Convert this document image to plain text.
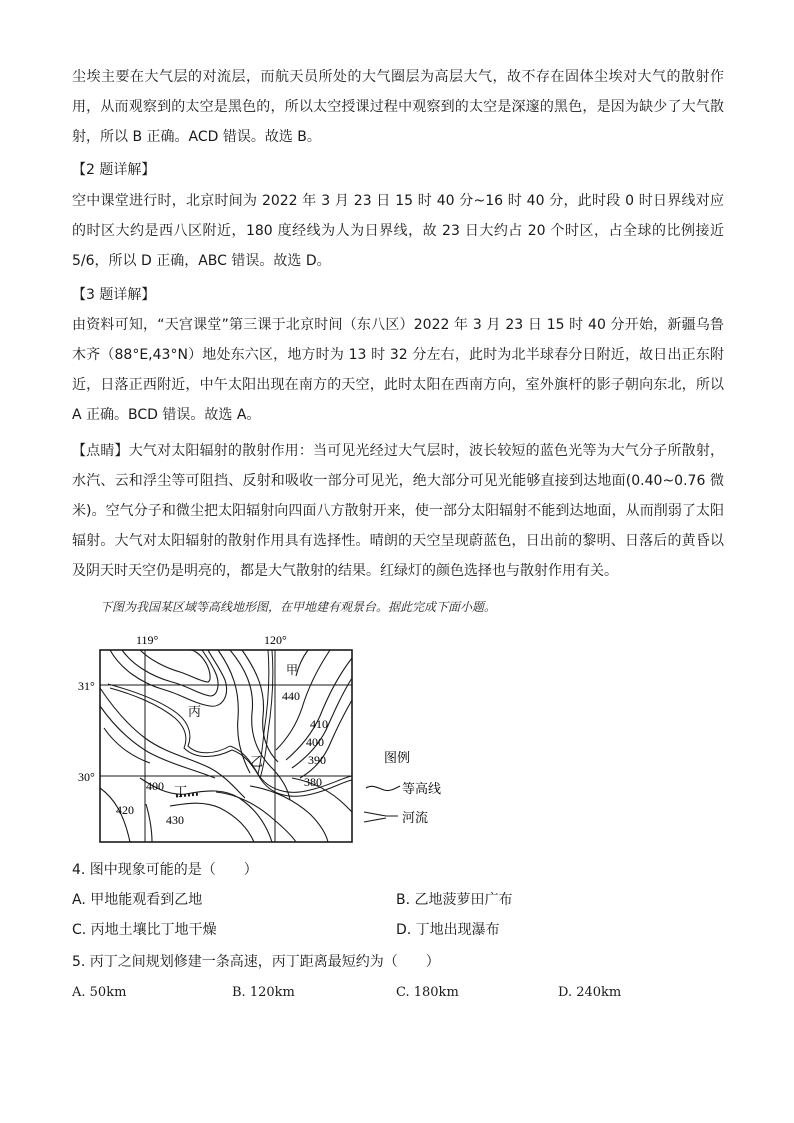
尘埃主要在大气层的对流层，而航天员所处的大气圈层为高层大气，故不存在固体尘埃对大气的散射作用，从而观察到的太空是黑色的，所以太空授课过程中观察到的太空是深邃的黑色，是因为缺少了大气散射，所以 B 正确。ACD 错误。故选 B。

【2 题详解】

空中课堂进行时，北京时间为 2022 年 3 月 23 日 15 时 40 分~16 时 40 分，此时段 0 时日界线对应的时区大约是西八区附近，180 度经线为人为日界线，故 23 日大约占 20 个时区，占全球的比例接近 5/6，所以 D 正确，ABC 错误。故选 D。

【3 题详解】

由资料可知，“天宫课堂”第三课于北京时间（东八区）2022 年 3 月 23 日 15 时 40 分开始，新疆乌鲁木齐（88°E,43°N）地处东六区，地方时为 13 时 32 分左右，此时为北半球春分日附近，故日出正东附近，日落正西附近，中午太阳出现在南方的天空，此时太阳在西南方向，室外旗杆的影子朝向东北，所以 A 正确。BCD 错误。故选 A。

【点睛】大气对太阳辐射的散射作用：当可见光经过大气层时，波长较短的蓝色光等为大气分子所散射，水汽、云和浮尘等可阻挡、反射和吸收一部分可见光，绝大部分可见光能够直接到达地面(0.40~0.76 微米)。空气分子和微尘把太阳辐射向四面八方散射开来，使一部分太阳辐射不能到达地面，从而削弱了太阳辐射。大气对太阳辐射的散射作用具有选择性。晴朗的天空呈现蔚蓝色，日出前的黎明、日落后的黄昏以及阴天时天空仍是明亮的，都是大气散射的结果。红绿灯的颜色选择也与散射作用有关。

下图为我国某区域等高线地形图，在甲地建有观景台。据此完成下面小题。
119°	120°
31°
30°
甲
丙
乙
丁
440
410
400
390
380
400
420
430
图例
等高线
河流
4. 图中现象可能的是（　　）
A. 甲地能观看到乙地	B. 乙地菠萝田广布
C. 丙地土壤比丁地干燥	D. 丁地出现瀑布
5. 丙丁之间规划修建一条高速，丙丁距离最短约为（　　）
A. 50km	B. 120km	C. 180km	D. 240km
